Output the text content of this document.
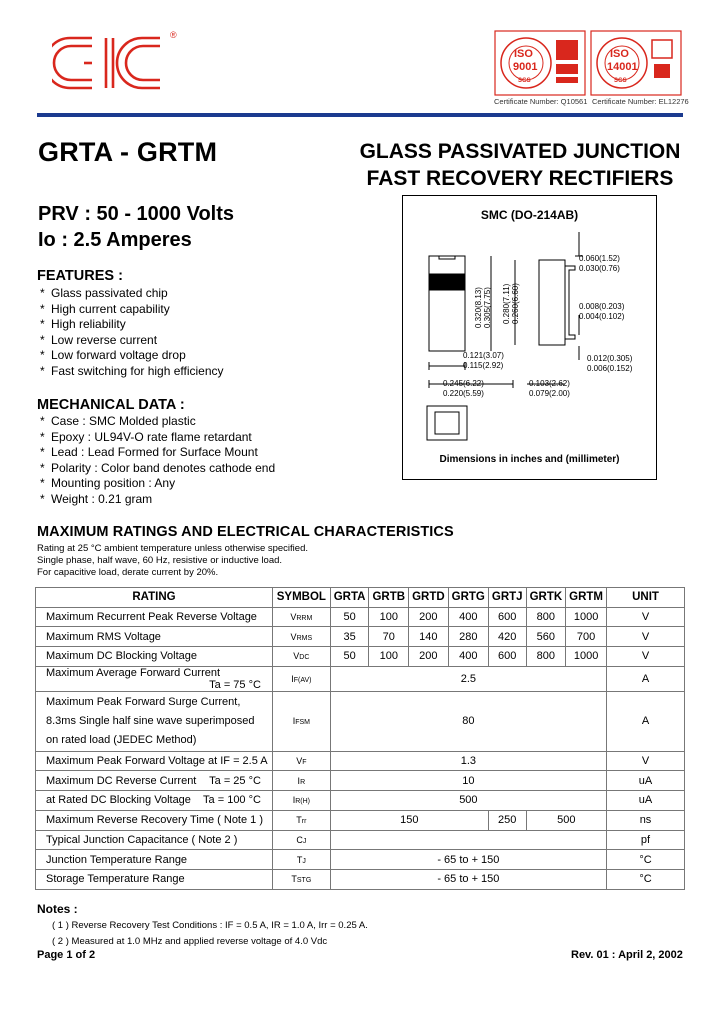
®
ISO
9001
SGS
Certificate Number: Q10561
ISO
14001
SGS
Certificate Number: EL12276
GRTA - GRTM	GLASS PASSIVATED JUNCTION
FAST RECOVERY RECTIFIERS
PRV : 50 - 1000 Volts
Io : 2.5 Amperes
FEATURES :
* Glass passivated chip
* High current capability
* High reliability
* Low reverse current
* Low forward voltage drop
* Fast switching for high efficiency
MECHANICAL DATA :
* Case : SMC Molded plastic
* Epoxy : UL94V-O rate flame retardant
* Lead : Lead Formed for Surface Mount
* Polarity : Color band denotes cathode end
* Mounting position : Any
* Weight : 0.21 gram
SMC (DO-214AB)
0.060(1.52)
0.030(0.76)
0.008(0.203)
0.004(0.102)
0.012(0.305)
0.006(0.152)
0.121(3.07)
0.115(2.92)
0.245(6.22)
0.220(5.59)
0.103(2.62)
0.079(2.00)
0.320(8.13) 0.305(7.75) 0.280(7.11) 0.260(6.60)
Dimensions in inches and (millimeter)
MAXIMUM RATINGS AND ELECTRICAL CHARACTERISTICS
Rating at 25 °C ambient temperature unless otherwise specified.
Single phase, half wave, 60 Hz, resistive or inductive load.
For capacitive load, derate current by 20%.
RATING	SYMBOL	GRTA	GRTB	GRTD	GRTG	GRTJ	GRTK	GRTM	UNIT
Maximum Recurrent Peak Reverse Voltage	VRRM	50	100	200	400	600	800	1000	V
Maximum RMS Voltage	VRMS	35	70	140	280	420	560	700	V
Maximum DC Blocking Voltage	VDC	50	100	200	400	600	800	1000	V
Maximum Average Forward Current
Ta = 75 °C	IF(AV)	2.5							A

Maximum Peak Forward Surge Current,
8.3ms Single half sine wave superimposed
on rated load (JEDEC Method)	IFSM	80							A
Maximum Peak Forward Voltage at IF = 2.5 A	VF	1.3							V
Maximum DC Reverse Current Ta = 25 °C	IR	10							uA
at Rated DC Blocking Voltage Ta = 100 °C	IR(H)	500							uA
Maximum Reverse Recovery Time ( Note 1 )	Trr	150				250	500		ns
Typical Junction Capacitance ( Note 2 )	CJ								pf
Junction Temperature Range	TJ	- 65 to + 150							°C
Storage Temperature Range	TSTG	- 65 to + 150							°C
Notes :
( 1 ) Reverse Recovery Test Conditions : IF = 0.5 A, IR = 1.0 A, Irr = 0.25 A.
( 2 ) Measured at 1.0 MHz and applied reverse voltage of 4.0 Vdc
Page 1 of 2	Rev. 01 : April 2, 2002
